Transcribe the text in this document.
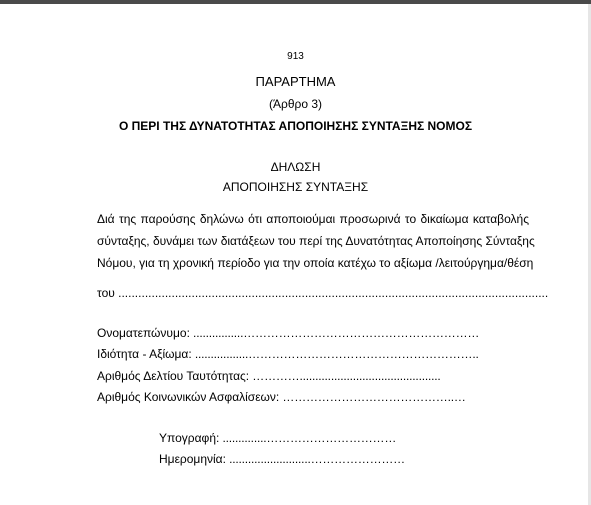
913
ΠΑΡΑΡΤΗΜΑ
(Άρθρο 3)
Ο ΠΕΡΙ ΤΗΣ ΔΥΝΑΤΟΤΗΤΑΣ ΑΠΟΠΟΙΗΣΗΣ ΣΥΝΤΑΞΗΣ ΝΟΜΟΣ
ΔΗΛΩΣΗ
ΑΠΟΠΟΙΗΣΗΣ ΣΥΝΤΑΞΗΣ
Διά της παρούσης δηλώνω ότι αποποιούμαι προσωρινά το δικαίωμα καταβολής
σύνταξης, δυνάμει των διατάξεων του περί της Δυνατότητας Αποποίησης Σύνταξης
Νόμου, για τη χρονική περίοδο για την οποία κατέχω το αξίωμα /λειτούργημα/θέση
του .................................................................................................................................
Ονοματεπώνυμο: ................……………………………………………………
Ιδιότητα - Αξίωμα: .................…………………………………………………..
Αριθμός Δελτίου Ταυτότητας: ………….............................................
Αριθμός Κοινωνικών Ασφαλίσεων: ……………………………………..…
Υπογραφή: ..............……………………………
Ημερομηνία: ..........................……………………
